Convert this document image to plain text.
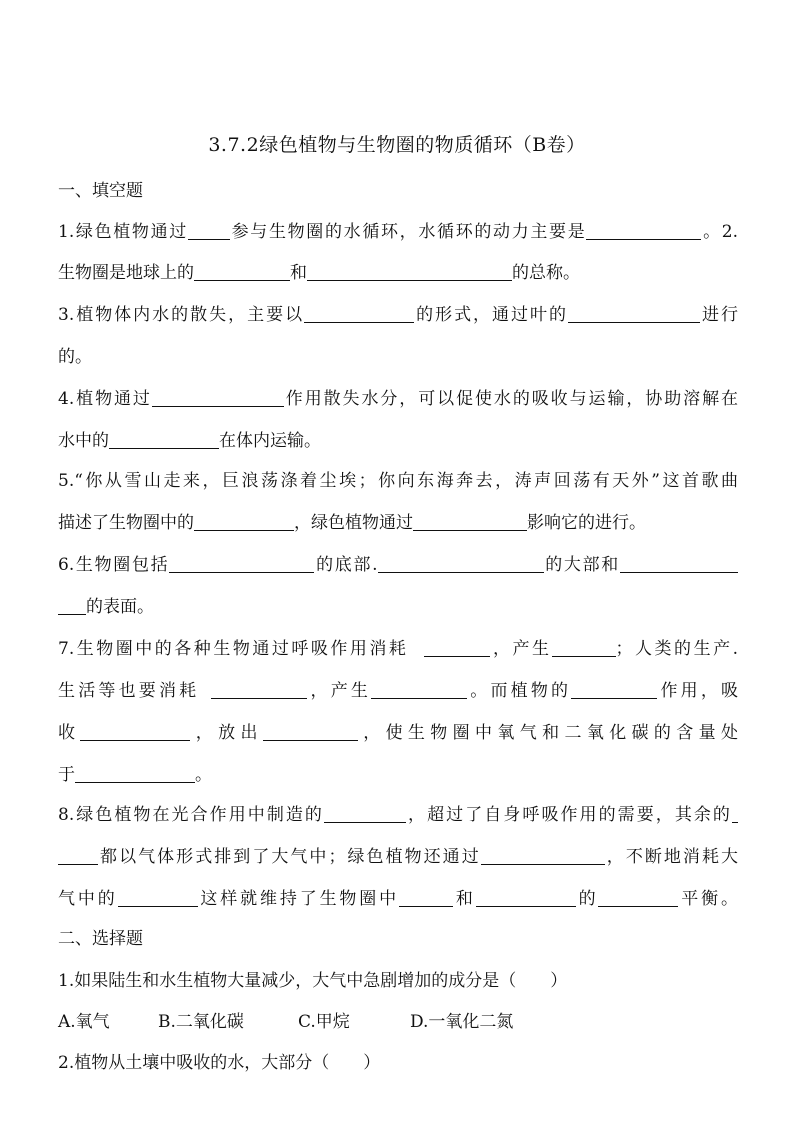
3.7.2绿色植物与生物圈的物质循环（B卷）
一、填空题
1.绿色植物通过 参与生物圈的水循环，水循环的动力主要是	。2.
生物圈是地球上的	和	的总称。
3.植物体内水的散失，主要以	的形式，通过叶的	进行
的。
4.植物通过	作用散失水分，可以促使水的吸收与运输，协助溶解在
水中的	在体内运输。
5.“你从雪山走来，巨浪荡涤着尘埃；你向东海奔去，涛声回荡有天外”这首歌曲
描述了生物圈中的	，绿色植物通过	影响它的进行。
6.生物圈包括	的底部.	的大部和
的表面。
7.生物圈中的各种生物通过呼吸作用消耗	，产生	；人类的生产.
生活等也要消耗	，产生	。而植物的	作用，吸
收	，放出	，使生物圈中氧气和二氧化碳的含量处
于	。
8.绿色植物在光合作用中制造的	，超过了自身呼吸作用的需要，其余的
都以气体形式排到了大气中；绿色植物还通过	，不断地消耗大
气中的	这样就维持了生物圈中	和	的	平衡。
二、选择题
1.如果陆生和水生植物大量减少，大气中急剧增加的成分是（　　）
A.氧气	B.二氧化碳	C.甲烷	D.一氧化二氮
2.植物从土壤中吸收的水，大部分（　　）
